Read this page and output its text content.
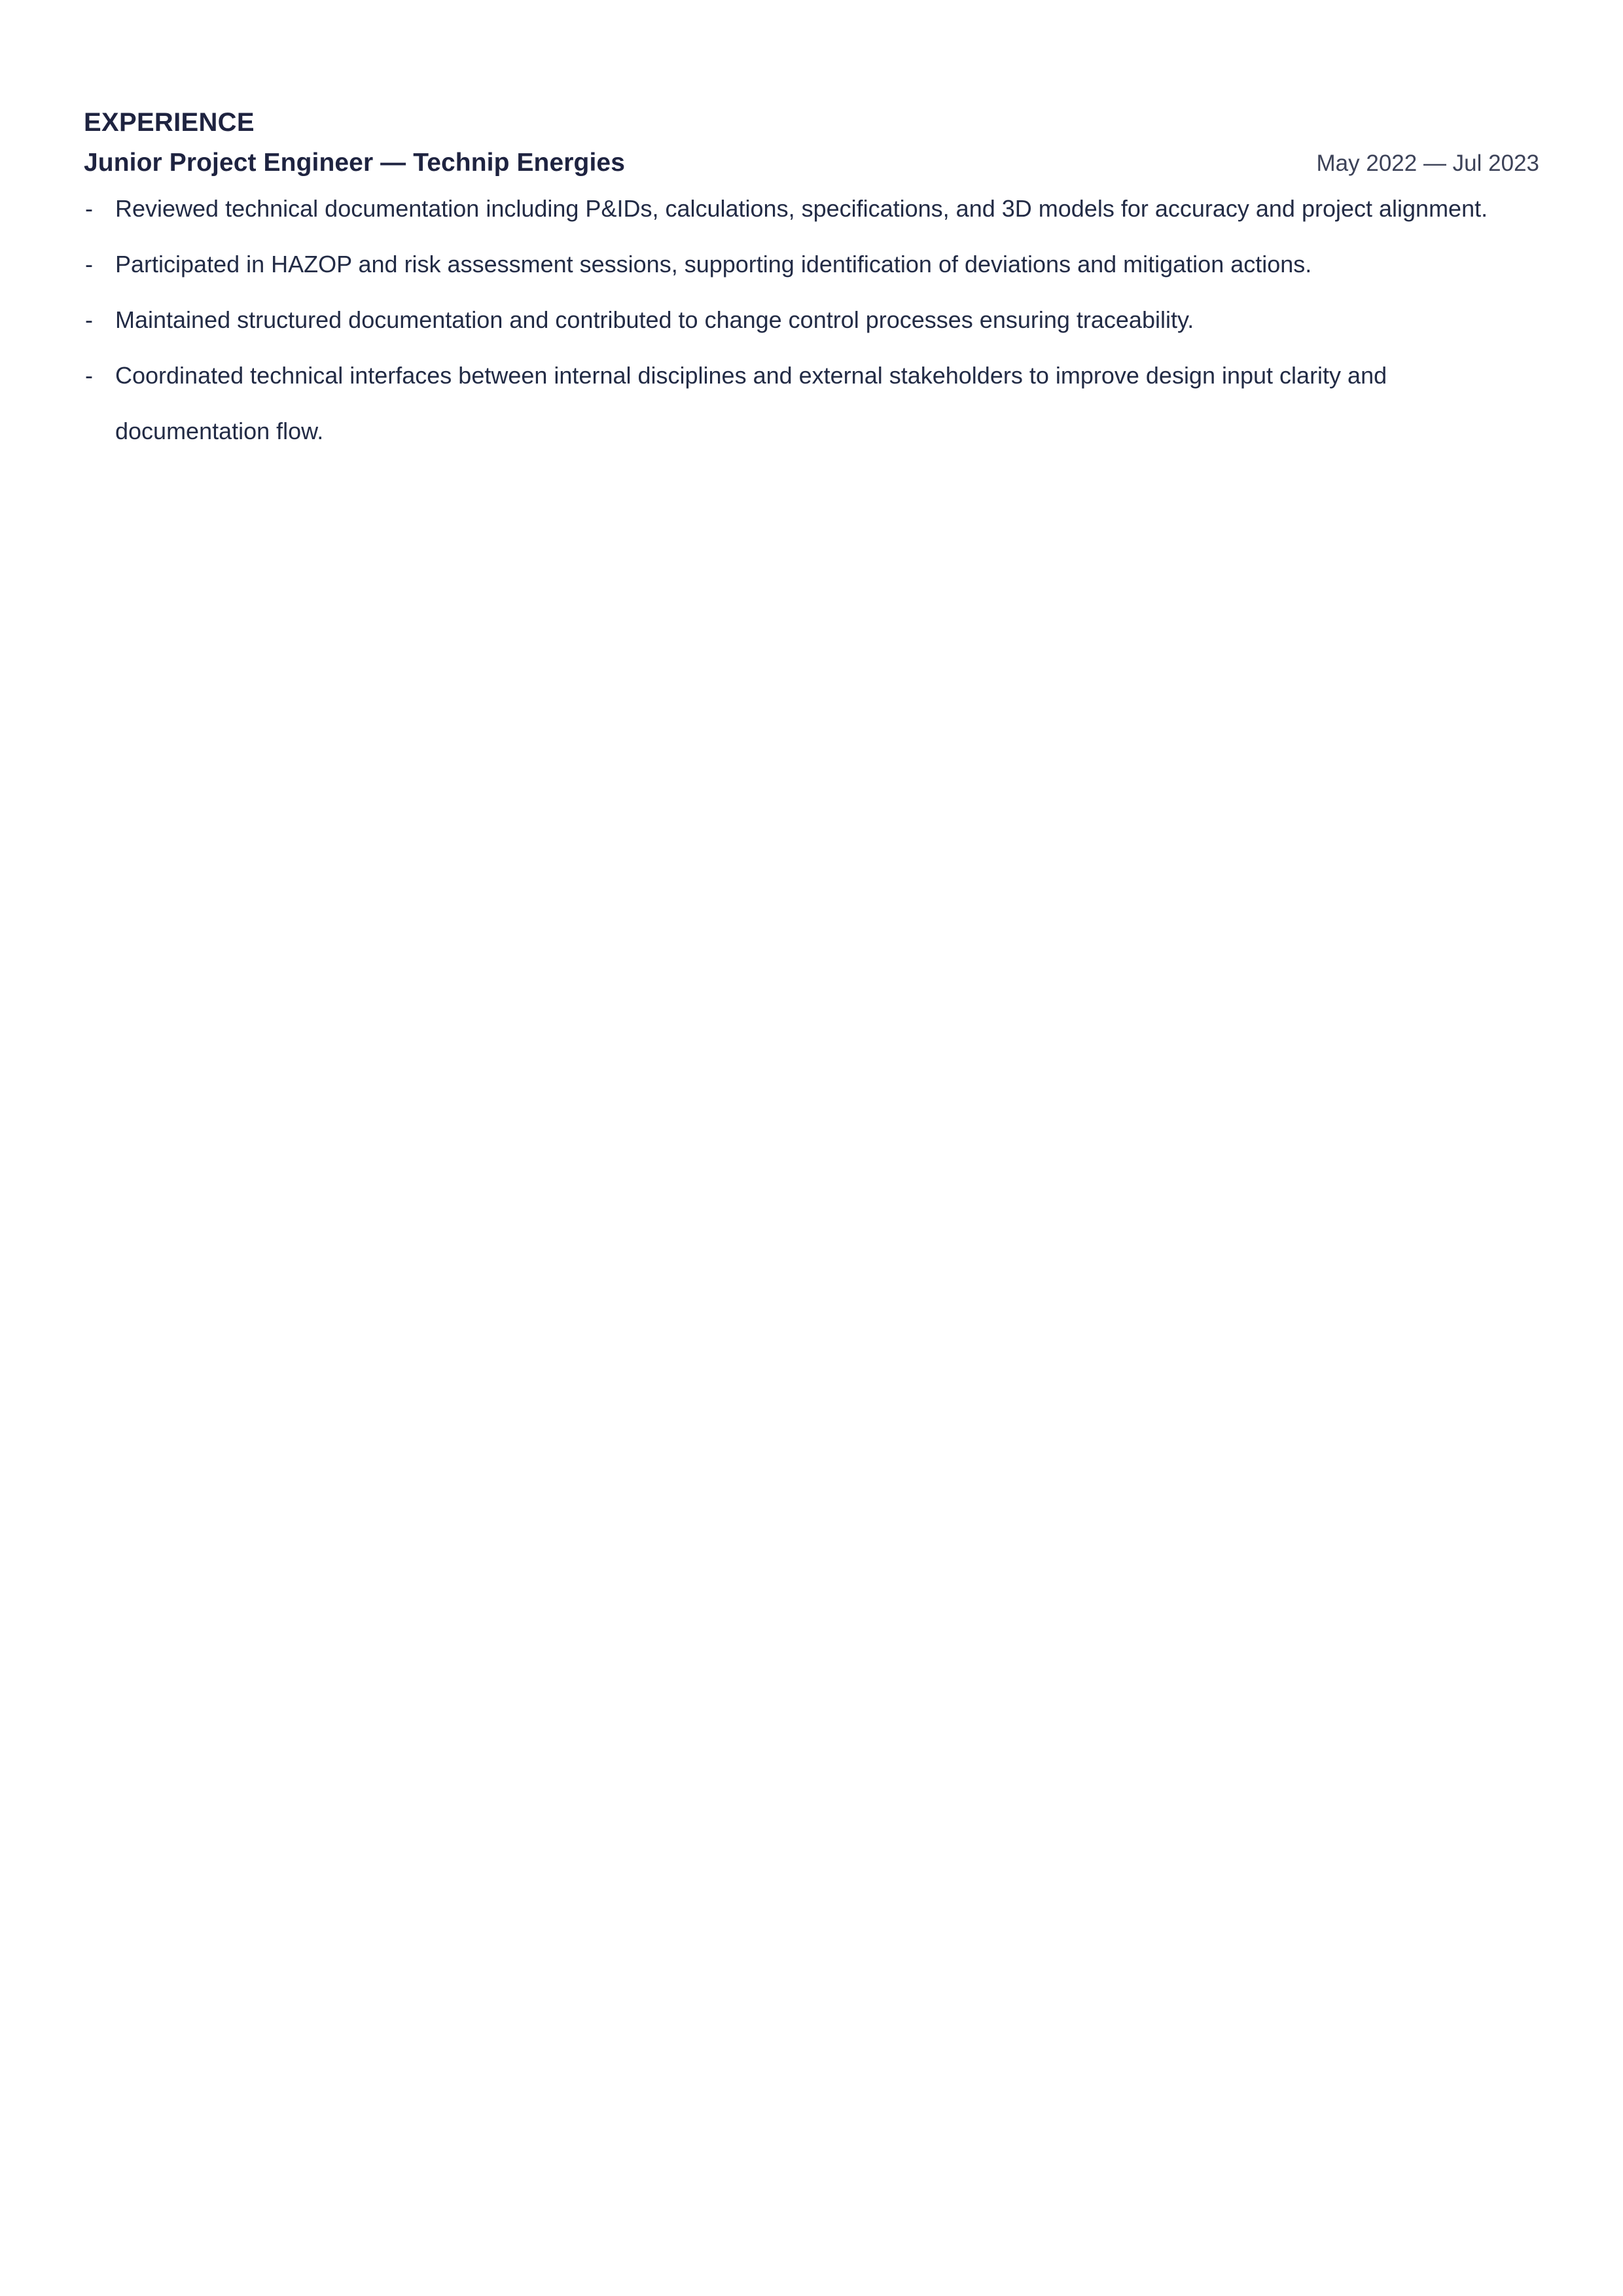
EXPERIENCE
Junior Project Engineer — Technip Energies	May 2022 — Jul 2023
- Reviewed technical documentation including P&IDs, calculations, specifications, and 3D models for accuracy and project alignment.
- Participated in HAZOP and risk assessment sessions, supporting identification of deviations and mitigation actions.
- Maintained structured documentation and contributed to change control processes ensuring traceability.
- Coordinated technical interfaces between internal disciplines and external stakeholders to improve design input clarity and documentation flow.
